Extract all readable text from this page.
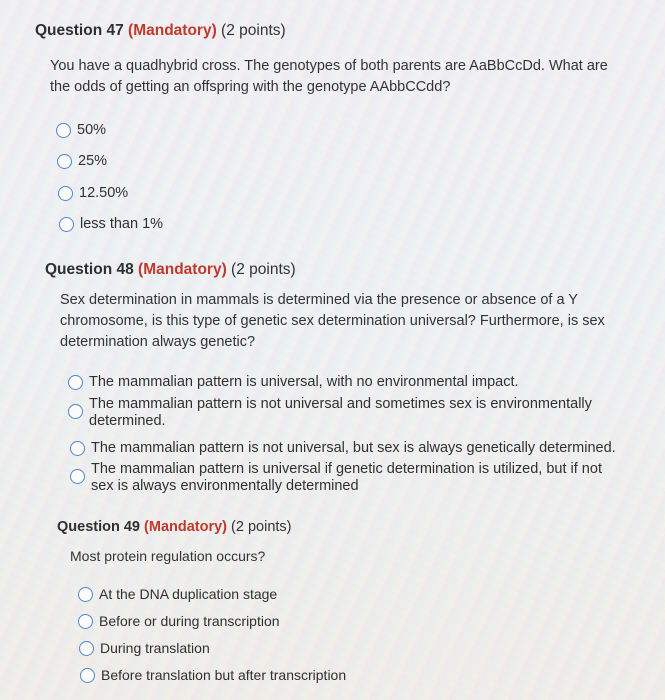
Question 47 (Mandatory) (2 points)
You have a quadhybrid cross. The genotypes of both parents are AaBbCcDd. What are
the odds of getting an offspring with the genotype AAbbCCdd?
50%
25%
12.50%
less than 1%
Question 48 (Mandatory) (2 points)
Sex determination in mammals is determined via the presence or absence of a Y
chromosome, is this type of genetic sex determination universal? Furthermore, is sex
determination always genetic?
The mammalian pattern is universal, with no environmental impact.
The mammalian pattern is not universal and sometimes sex is environmentally
determined.
The mammalian pattern is not universal, but sex is always genetically determined.
The mammalian pattern is universal if genetic determination is utilized, but if not
sex is always environmentally determined
Question 49 (Mandatory) (2 points)
Most protein regulation occurs?
At the DNA duplication stage
Before or during transcription
During translation
Before translation but after transcription
